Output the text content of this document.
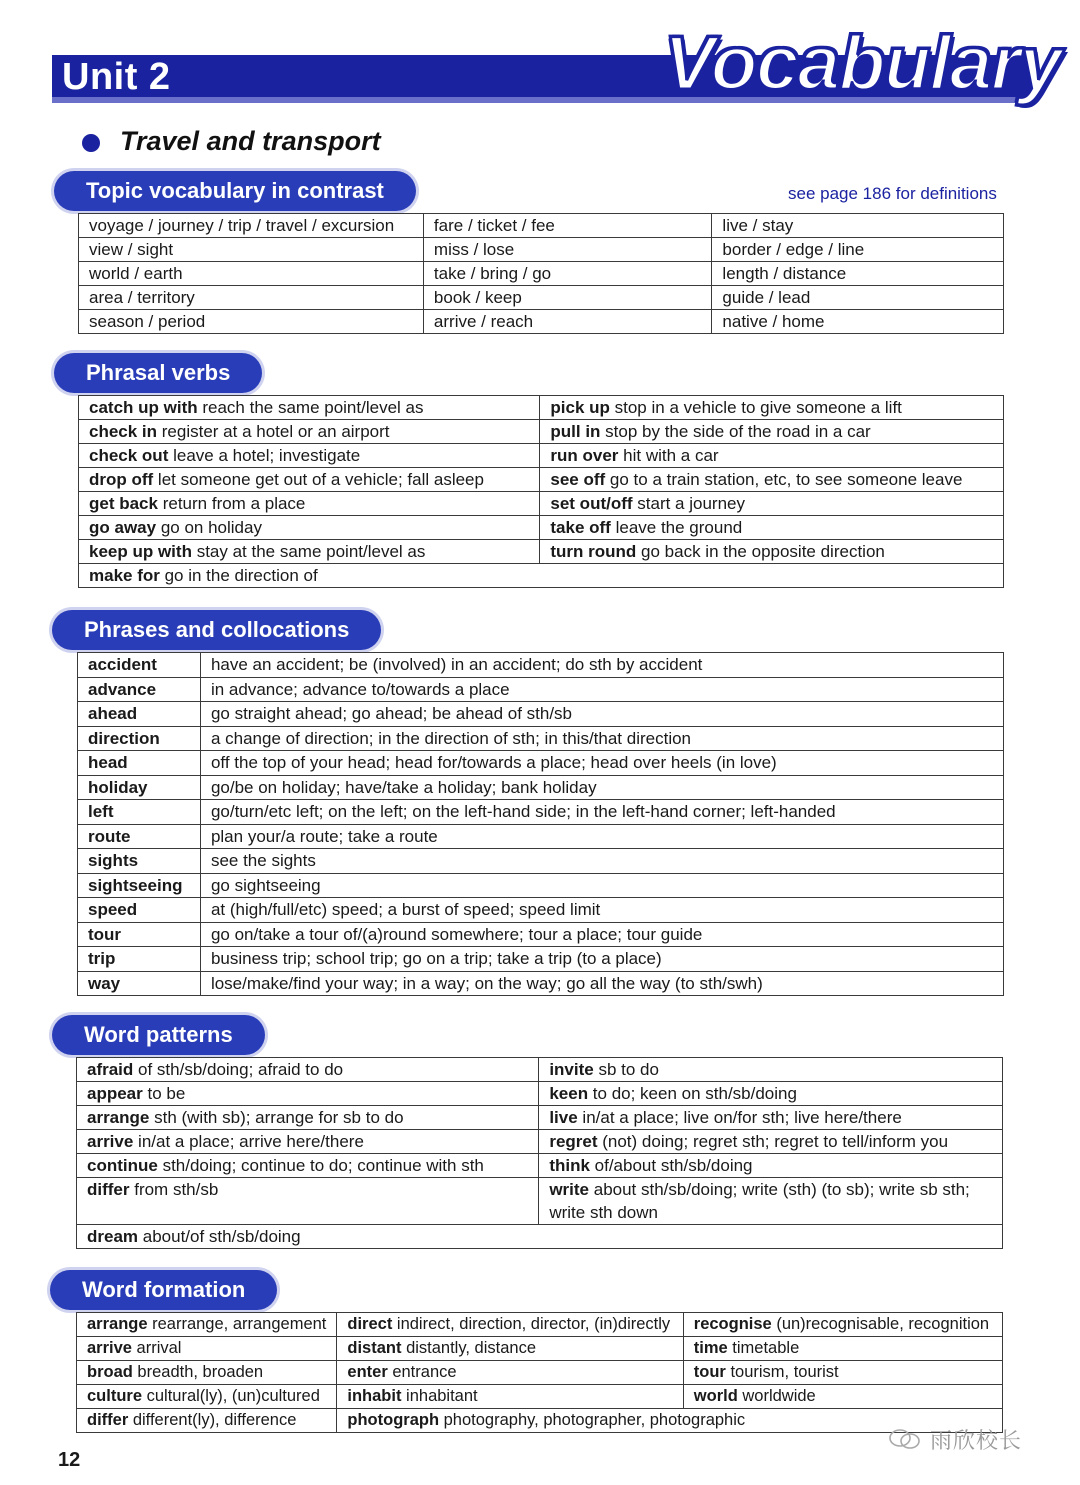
Unit 2	Vocabulary
Travel and transport
Topic vocabulary in contrast	see page 186 for definitions
voyage / journey / trip / travel / excursion	fare / ticket / fee	live / stay
view / sight	miss / lose	border / edge / line
world / earth	take / bring / go	length / distance
area / territory	book / keep	guide / lead
season / period	arrive / reach	native / home
Phrasal verbs
catch up with reach the same point/level as	pick up stop in a vehicle to give someone a lift
check in register at a hotel or an airport	pull in stop by the side of the road in a car
check out leave a hotel; investigate	run over hit with a car
drop off let someone get out of a vehicle; fall asleep	see off go to a train station, etc, to see someone leave
get back return from a place	set out/off start a journey
go away go on holiday	take off leave the ground
keep up with stay at the same point/level as	turn round go back in the opposite direction
make for go in the direction of	
Phrases and collocations
accident	have an accident; be (involved) in an accident; do sth by accident
advance	in advance; advance to/towards a place
ahead	go straight ahead; go ahead; be ahead of sth/sb
direction	a change of direction; in the direction of sth; in this/that direction
head	off the top of your head; head for/towards a place; head over heels (in love)
holiday	go/be on holiday; have/take a holiday; bank holiday
left	go/turn/etc left; on the left; on the left-hand side; in the left-hand corner; left-handed
route	plan your/a route; take a route
sights	see the sights
sightseeing	go sightseeing
speed	at (high/full/etc) speed; a burst of speed; speed limit
tour	go on/take a tour of/(a)round somewhere; tour a place; tour guide
trip	business trip; school trip; go on a trip; take a trip (to a place)
way	lose/make/find your way; in a way; on the way; go all the way (to sth/swh)
Word patterns
afraid of sth/sb/doing; afraid to do	invite sb to do
appear to be	keen to do; keen on sth/sb/doing
arrange sth (with sb); arrange for sb to do	live in/at a place; live on/for sth; live here/there
arrive in/at a place; arrive here/there	regret (not) doing; regret sth; regret to tell/inform you
continue sth/doing; continue to do; continue with sth	think of/about sth/sb/doing
differ from sth/sb	write about sth/sb/doing; write (sth) (to sb); write sb sth;
write sth down
dream about/of sth/sb/doing	
Word formation
arrange rearrange, arrangement	direct indirect, direction, director, (in)directly	recognise (un)recognisable, recognition
arrive arrival	distant distantly, distance	time timetable
broad breadth, broaden	enter entrance	tour tourism, tourist
culture cultural(ly), (un)cultured	inhabit inhabitant	world worldwide
differ different(ly), difference	photograph photography, photographer, photographic	
12
雨欣校长
